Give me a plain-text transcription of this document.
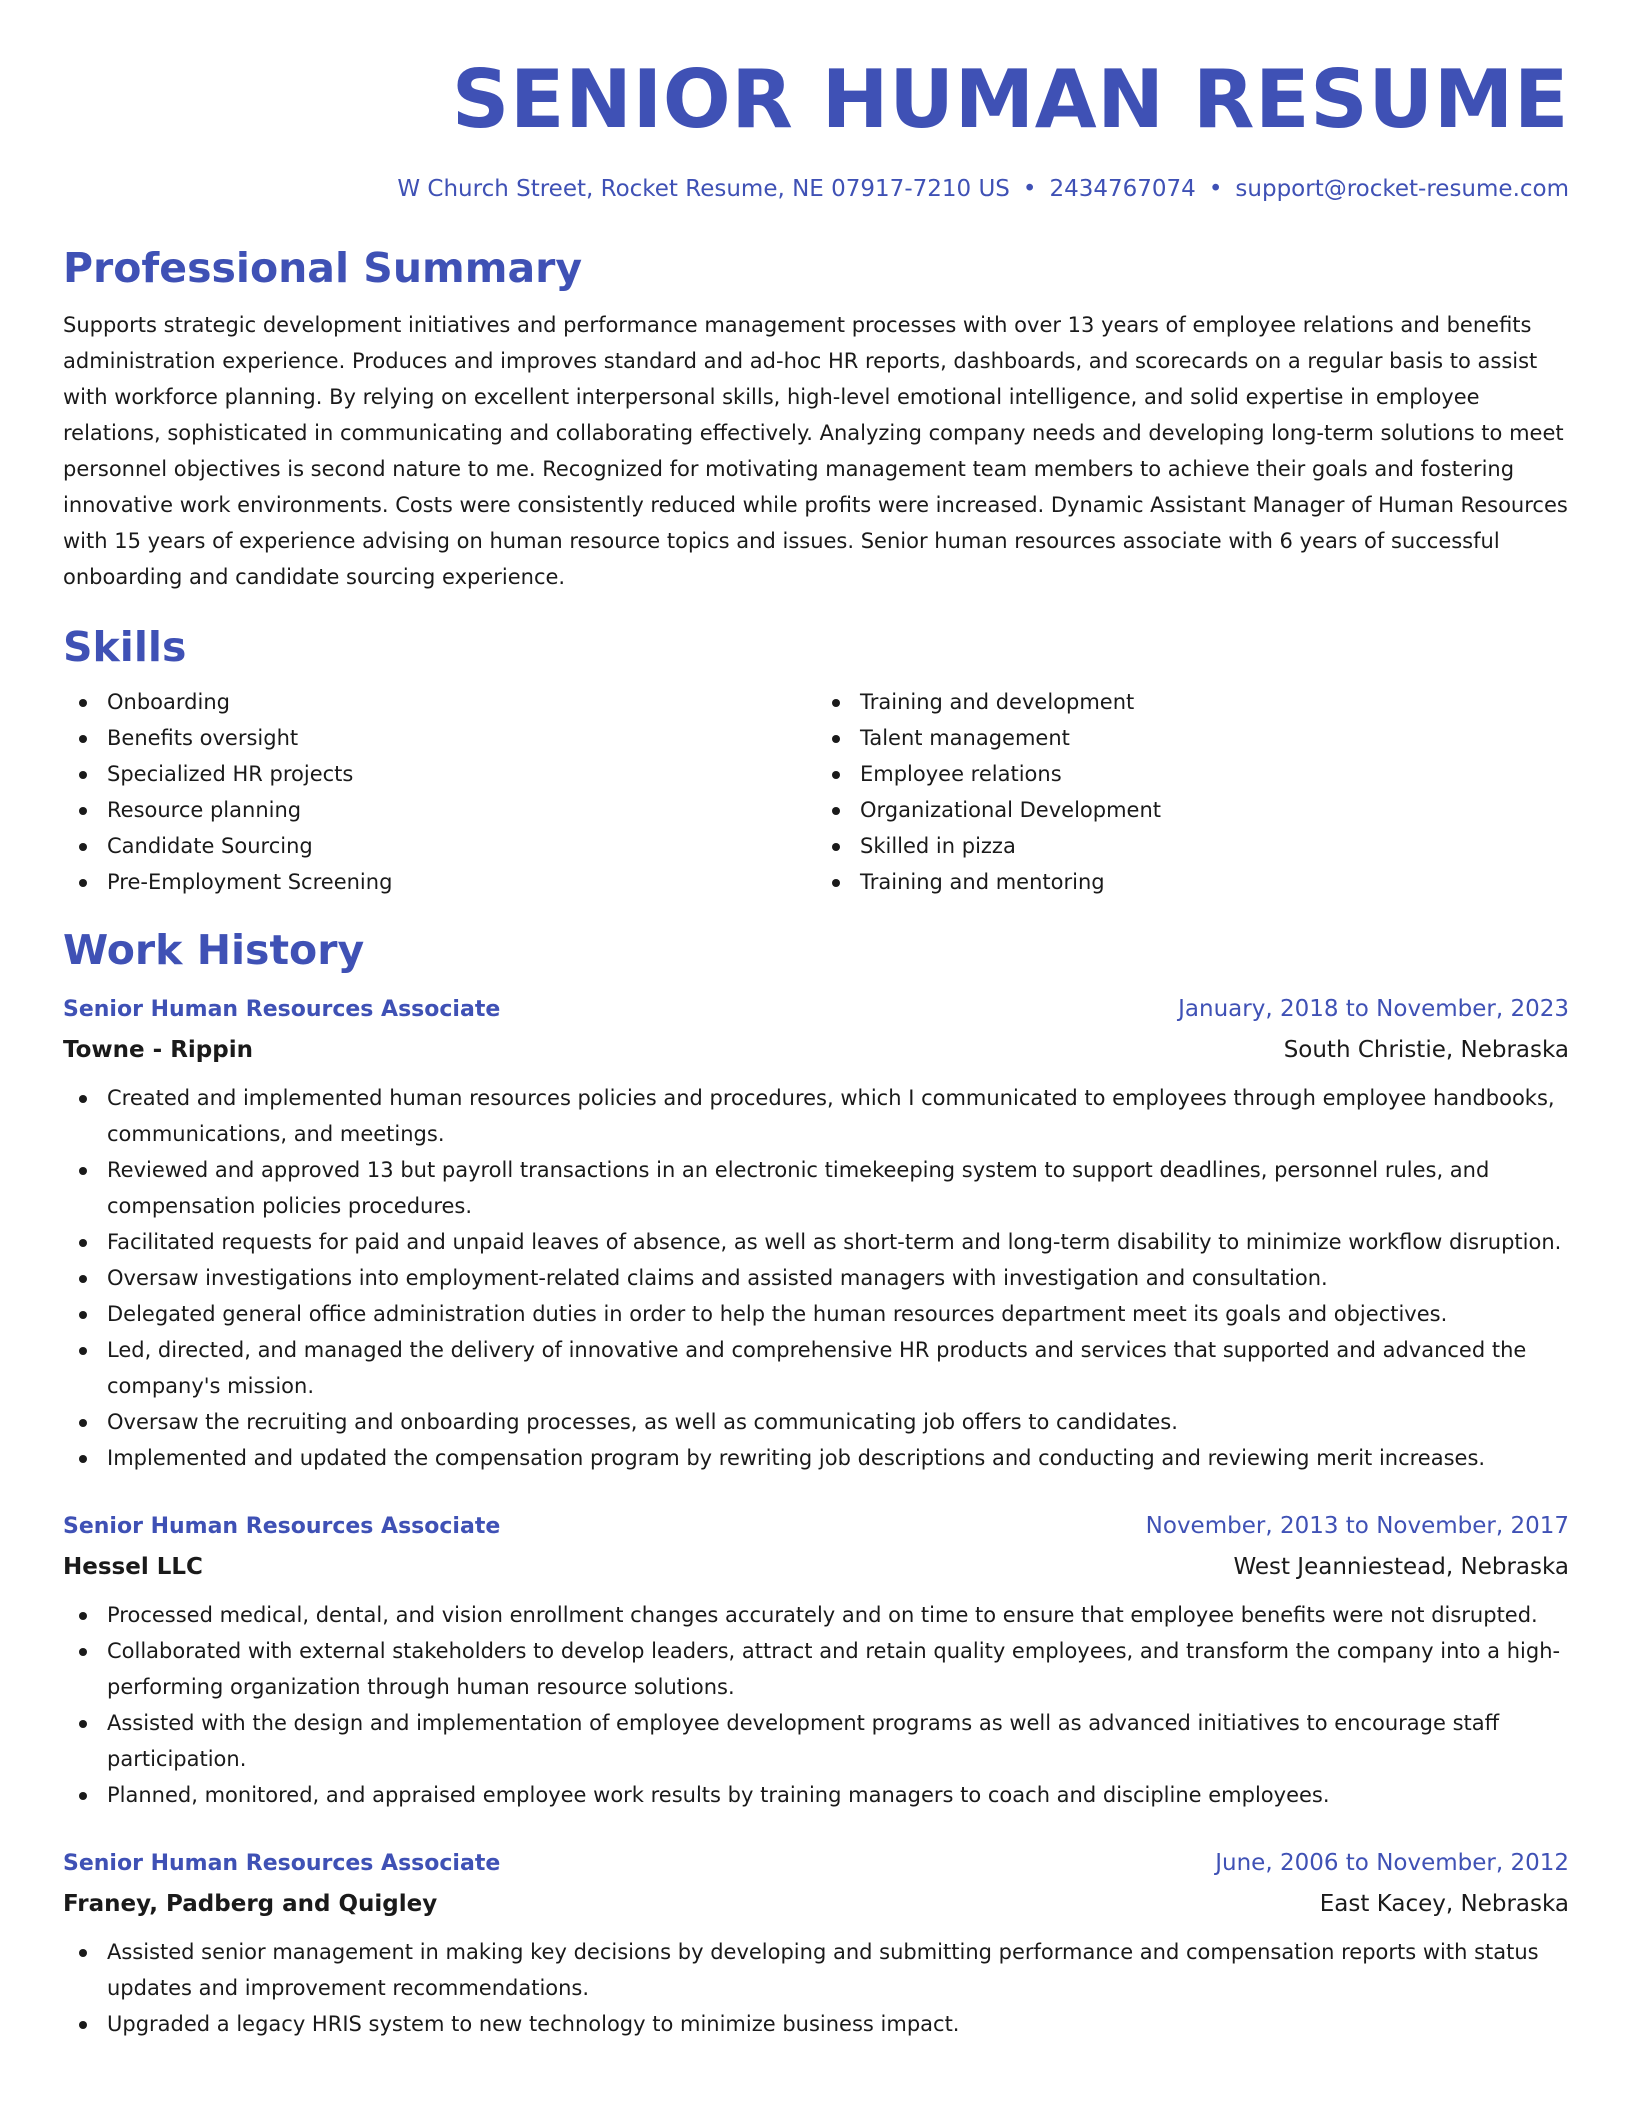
SENIOR HUMAN RESUME
W Church Street, Rocket Resume, NE 07917-7210 US • 2434767074 • support@rocket-resume.com
Professional Summary

Supports strategic development initiatives and performance management processes with over 13 years of employee relations and benefits administration experience. Produces and improves standard and ad-hoc HR reports, dashboards, and scorecards on a regular basis to assist with workforce planning. By relying on excellent interpersonal skills, high-level emotional intelligence, and solid expertise in employee relations, sophisticated in communicating and collaborating effectively. Analyzing company needs and developing long-term solutions to meet personnel objectives is second nature to me. Recognized for motivating management team members to achieve their goals and fostering innovative work environments. Costs were consistently reduced while profits were increased. Dynamic Assistant Manager of Human Resources with 15 years of experience advising on human resource topics and issues. Senior human resources associate with 6 years of successful onboarding and candidate sourcing experience.

Skills
Onboarding
Benefits oversight
Specialized HR projects
Resource planning
Candidate Sourcing
Pre-Employment Screening
Training and development
Talent management
Employee relations
Organizational Development
Skilled in pizza
Training and mentoring
Work History
Senior Human Resources Associate	January, 2018 to November, 2023
Towne - Rippin	South Christie, Nebraska
Created and implemented human resources policies and procedures, which I communicated to employees through employee handbooks, communications, and meetings.
Reviewed and approved 13 but payroll transactions in an electronic timekeeping system to support deadlines, personnel rules, and compensation policies procedures.
Facilitated requests for paid and unpaid leaves of absence, as well as short-term and long-term disability to minimize workflow disruption.
Oversaw investigations into employment-related claims and assisted managers with investigation and consultation.
Delegated general office administration duties in order to help the human resources department meet its goals and objectives.
Led, directed, and managed the delivery of innovative and comprehensive HR products and services that supported and advanced the company's mission.
Oversaw the recruiting and onboarding processes, as well as communicating job offers to candidates.
Implemented and updated the compensation program by rewriting job descriptions and conducting and reviewing merit increases.
Senior Human Resources Associate	November, 2013 to November, 2017
Hessel LLC	West Jeanniestead, Nebraska
Processed medical, dental, and vision enrollment changes accurately and on time to ensure that employee benefits were not disrupted.
Collaborated with external stakeholders to develop leaders, attract and retain quality employees, and transform the company into a high-performing organization through human resource solutions.
Assisted with the design and implementation of employee development programs as well as advanced initiatives to encourage staff participation.
Planned, monitored, and appraised employee work results by training managers to coach and discipline employees.
Senior Human Resources Associate	June, 2006 to November, 2012
Franey, Padberg and Quigley	East Kacey, Nebraska
Assisted senior management in making key decisions by developing and submitting performance and compensation reports with status updates and improvement recommendations.
Upgraded a legacy HRIS system to new technology to minimize business impact.
